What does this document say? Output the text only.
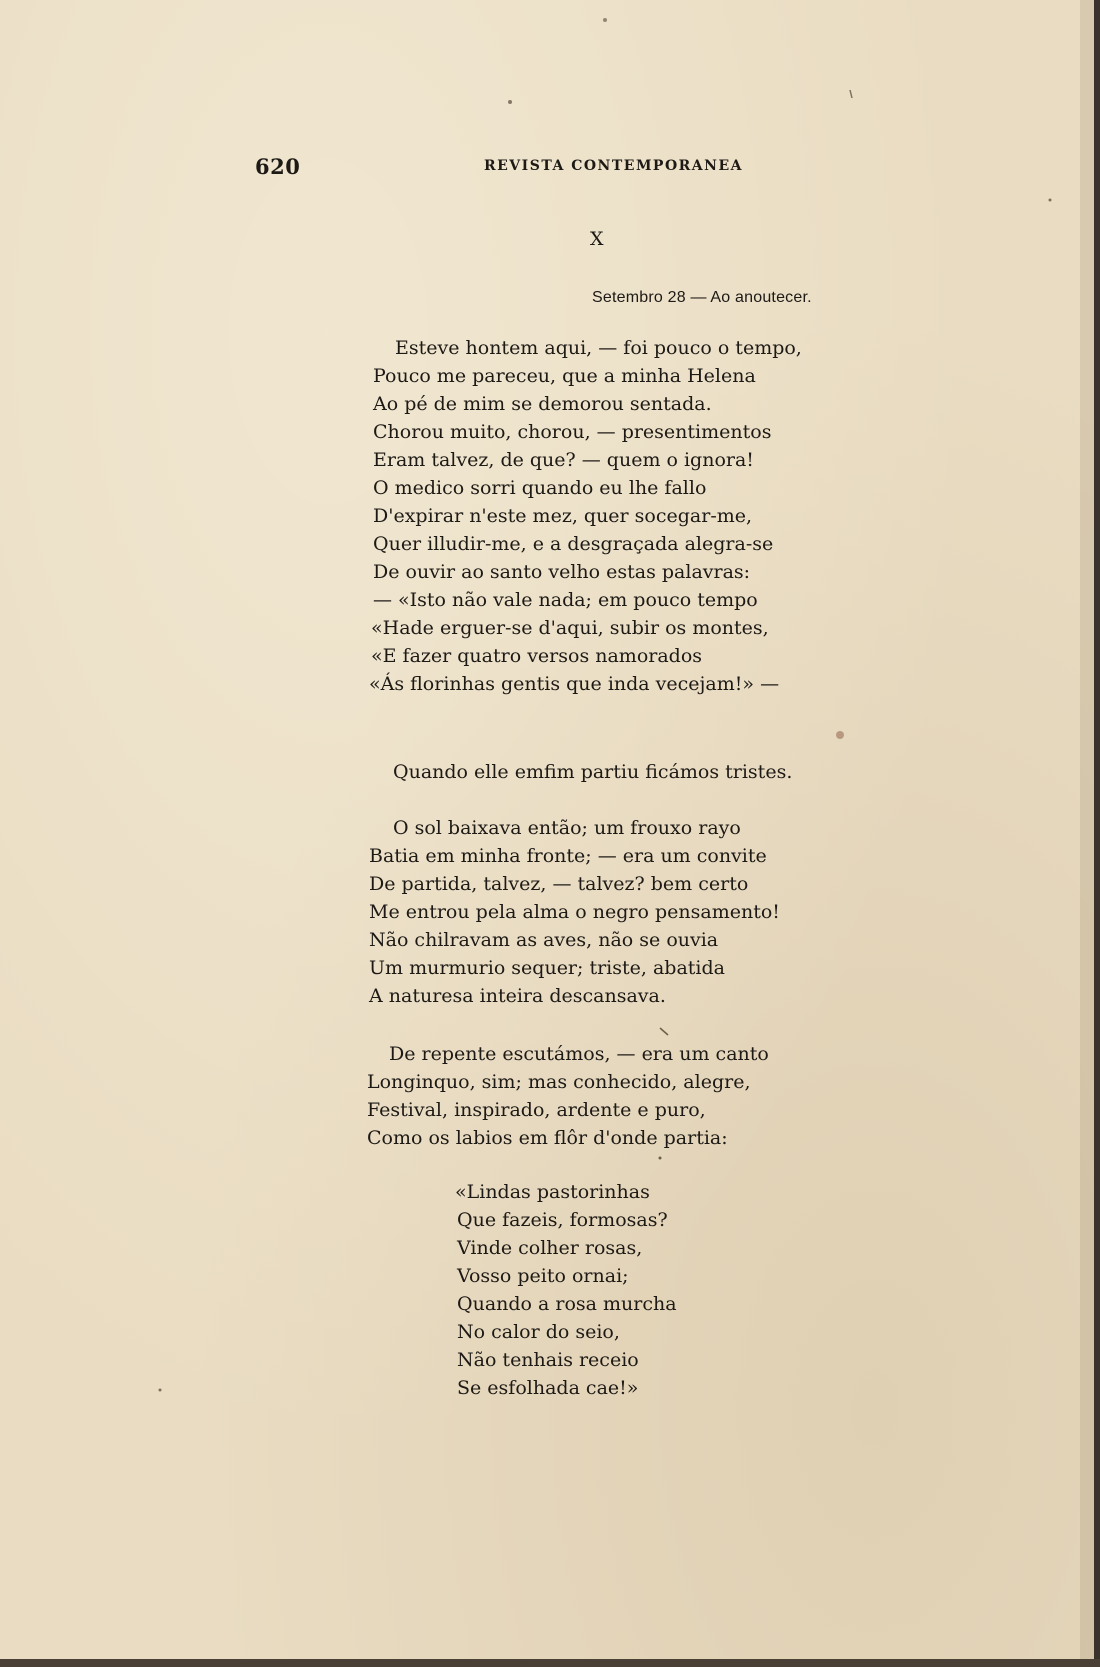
620	REVISTA CONTEMPORANEA
X
Setembro 28 — Ao anoutecer.
Esteve hontem aqui, — foi pouco o tempo,
Pouco me pareceu, que a minha Helena
Ao pé de mim se demorou sentada.
Chorou muito, chorou, — presentimentos
Eram talvez, de que? — quem o ignora!
O medico sorri quando eu lhe fallo
D'expirar n'este mez, quer socegar-me,
Quer illudir-me, e a desgraçada alegra-se
De ouvir ao santo velho estas palavras:
— «Isto não vale nada; em pouco tempo
«Hade erguer-se d'aqui, subir os montes,
«E fazer quatro versos namorados
«Ás florinhas gentis que inda vecejam!» —
Quando elle emfim partiu ficámos tristes.
O sol baixava então; um frouxo rayo
Batia em minha fronte; — era um convite
De partida, talvez, — talvez? bem certo
Me entrou pela alma o negro pensamento!
Não chilravam as aves, não se ouvia
Um murmurio sequer; triste, abatida
A naturesa inteira descansava.
De repente escutámos, — era um canto
Longinquo, sim; mas conhecido, alegre,
Festival, inspirado, ardente e puro,
Como os labios em flôr d'onde partia:
«Lindas pastorinhas
Que fazeis, formosas?
Vinde colher rosas,
Vosso peito ornai;
Quando a rosa murcha
No calor do seio,
Não tenhais receio
Se esfolhada cae!»
